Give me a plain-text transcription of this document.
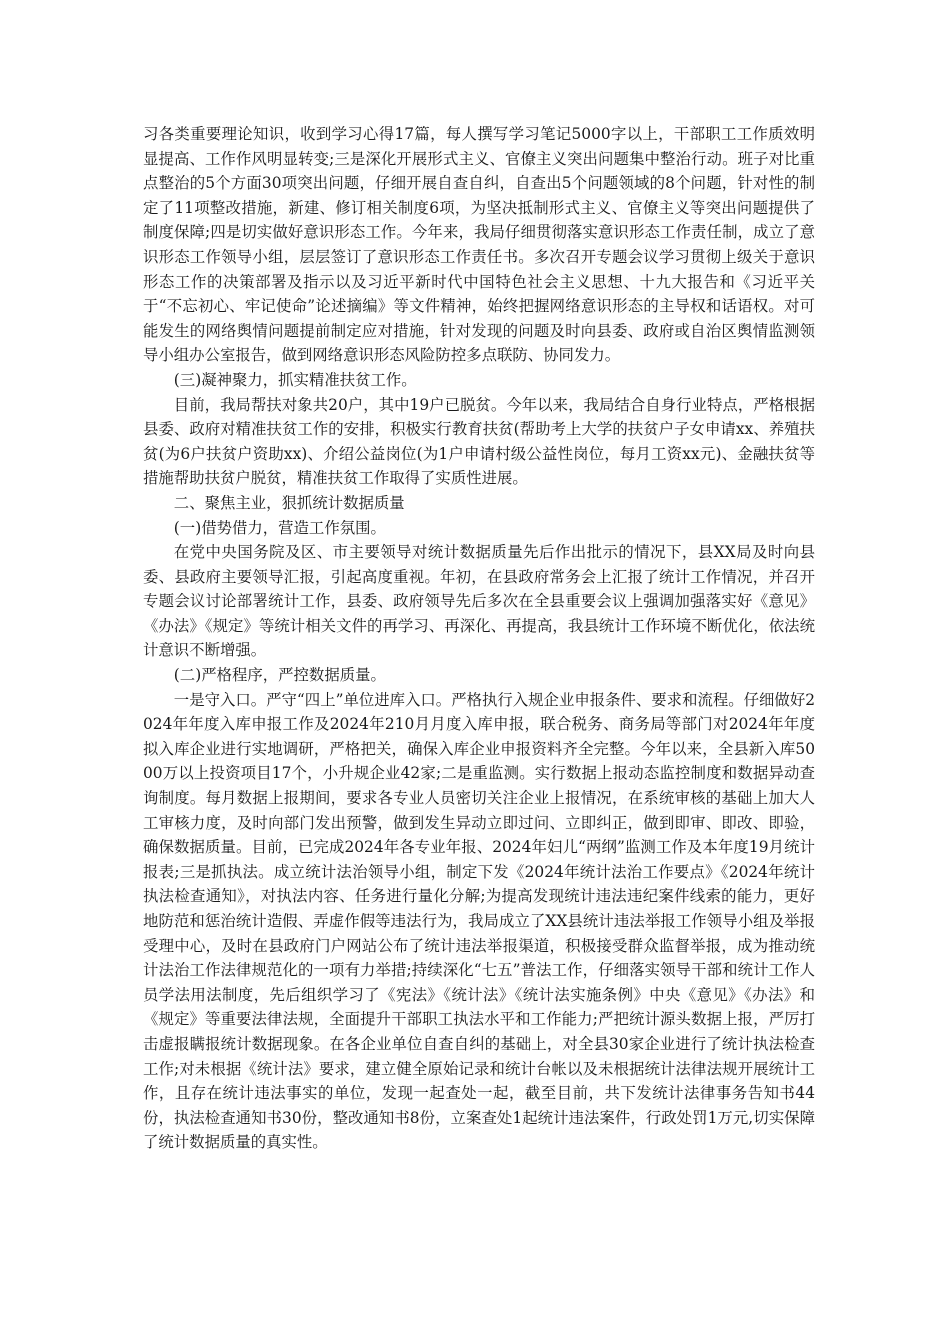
习各类重要理论知识，收到学习心得17篇，每人撰写学习笔记5000字以上，干部职工工作质效明显提高、工作作风明显转变;三是深化开展形式主义、官僚主义突出问题集中整治行动。班子对比重点整治的5个方面30项突出问题，仔细开展自查自纠，自查出5个问题领域的8个问题，针对性的制定了11项整改措施，新建、修订相关制度6项，为坚决抵制形式主义、官僚主义等突出问题提供了制度保障;四是切实做好意识形态工作。今年来，我局仔细贯彻落实意识形态工作责任制，成立了意识形态工作领导小组，层层签订了意识形态工作责任书。多次召开专题会议学习贯彻上级关于意识形态工作的决策部署及指示以及习近平新时代中国特色社会主义思想、十九大报告和《习近平关于“不忘初心、牢记使命”论述摘编》等文件精神，始终把握网络意识形态的主导权和话语权。对可能发生的网络舆情问题提前制定应对措施，针对发现的问题及时向县委、政府或自治区舆情监测领导小组办公室报告，做到网络意识形态风险防控多点联防、协同发力。

(三)凝神聚力，抓实精准扶贫工作。

目前，我局帮扶对象共20户，其中19户已脱贫。今年以来，我局结合自身行业特点，严格根据县委、政府对精准扶贫工作的安排，积极实行教育扶贫(帮助考上大学的扶贫户子女申请xx、养殖扶贫(为6户扶贫户资助xx)、介绍公益岗位(为1户申请村级公益性岗位，每月工资xx元)、金融扶贫等措施帮助扶贫户脱贫，精准扶贫工作取得了实质性进展。

二、聚焦主业，狠抓统计数据质量

(一)借势借力，营造工作氛围。

在党中央国务院及区、市主要领导对统计数据质量先后作出批示的情况下，县XX局及时向县委、县政府主要领导汇报，引起高度重视。年初，在县政府常务会上汇报了统计工作情况，并召开专题会议讨论部署统计工作，县委、政府领导先后多次在全县重要会议上强调加强落实好《意见》《办法》《规定》等统计相关文件的再学习、再深化、再提高，我县统计工作环境不断优化，依法统计意识不断增强。

(二)严格程序，严控数据质量。

一是守入口。严守“四上”单位进库入口。严格执行入规企业申报条件、要求和流程。仔细做好2024年年度入库申报工作及2024年210月月度入库申报，联合税务、商务局等部门对2024年年度拟入库企业进行实地调研，严格把关，确保入库企业申报资料齐全完整。今年以来，全县新入库5000万以上投资项目17个，小升规企业42家;二是重监测。实行数据上报动态监控制度和数据异动查询制度。每月数据上报期间，要求各专业人员密切关注企业上报情况，在系统审核的基础上加大人工审核力度，及时向部门发出预警，做到发生异动立即过问、立即纠正，做到即审、即改、即验，确保数据质量。目前，已完成2024年各专业年报、2024年妇儿“两纲”监测工作及本年度19月统计报表;三是抓执法。成立统计法治领导小组，制定下发《2024年统计法治工作要点》《2024年统计执法检查通知》，对执法内容、任务进行量化分解;为提高发现统计违法违纪案件线索的能力，更好地防范和惩治统计造假、弄虚作假等违法行为，我局成立了XX县统计违法举报工作领导小组及举报受理中心，及时在县政府门户网站公布了统计违法举报渠道，积极接受群众监督举报，成为推动统计法治工作法律规范化的一项有力举措;持续深化“七五”普法工作，仔细落实领导干部和统计工作人员学法用法制度，先后组织学习了《宪法》《统计法》《统计法实施条例》中央《意见》《办法》和《规定》等重要法律法规，全面提升干部职工执法水平和工作能力;严把统计源头数据上报，严厉打击虚报瞒报统计数据现象。在各企业单位自查自纠的基础上，对全县30家企业进行了统计执法检查工作;对未根据《统计法》要求，建立健全原始记录和统计台帐以及未根据统计法律法规开展统计工作，且存在统计违法事实的单位，发现一起查处一起，截至目前，共下发统计法律事务告知书44份，执法检查通知书30份，整改通知书8份，立案查处1起统计违法案件，行政处罚1万元,切实保障了统计数据质量的真实性。
